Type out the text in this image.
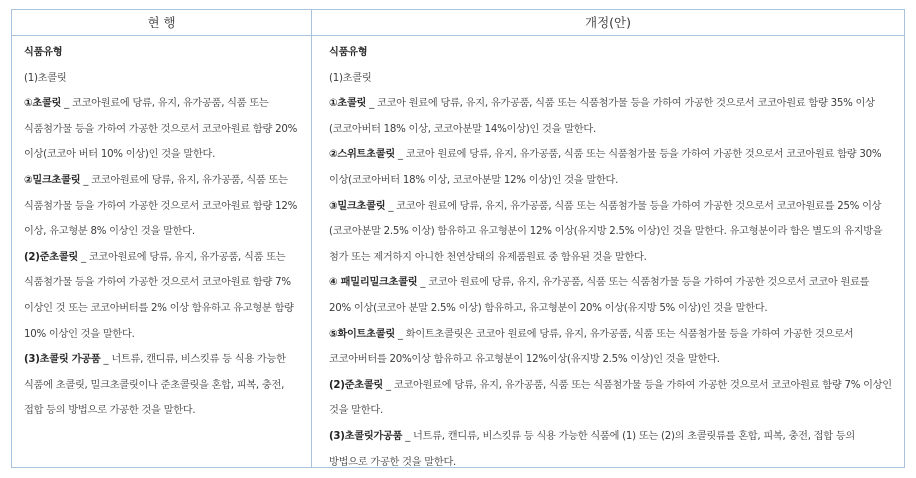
현 행	개정(안)

식품유형

(1)초콜릿

①초콜릿 _ 코코아원료에 당류, 유지, 유가공품, 식품 또는 식품첨가물 등을 가하여 가공한 것으로서 코코아원료 함량 20%이상(코코아 버터 10% 이상)인 것을 말한다.

②밀크초콜릿 _ 코코아원료에 당류, 유지, 유가공품, 식품 또는 식품첨가물 등을 가하여 가공한 것으로서 코코아원료 함량 12% 이상, 유고형분 8% 이상인 것을 말한다.

(2)준초콜릿 _ 코코아원료에 당류, 유지, 유가공품, 식품 또는 식품첨가물 등을 가하여 가공한 것으로서 코코아원료 함량 7% 이상인 것 또는 코코아버터를 2% 이상 함유하고 유고형분 함량 10% 이상인 것을 말한다.

(3)초콜릿 가공품 _ 너트류, 캔디류, 비스킷류 등 식용 가능한 식품에 초콜릿, 밀크초콜릿이나 준초콜릿을 혼합, 피복, 충전, 접합 등의 방법으로 가공한 것을 말한다.

식품유형

(1)초콜릿

①초콜릿 _ 코코아 원료에 당류, 유지, 유가공품, 식품 또는 식품첨가물 등을 가하여 가공한 것으로서 코코아원료 함량 35% 이상(코코아버터 18% 이상, 코코아분말 14%이상)인 것을 말한다.

②스위트초콜릿 _ 코코아 원료에 당류, 유지, 유가공품, 식품 또는 식품첨가물 등을 가하여 가공한 것으로서 코코아원료 함량 30% 이상(코코아버터 18% 이상, 코코아분말 12% 이상)인 것을 말한다.

③밀크초콜릿 _ 코코아 원료에 당류, 유지, 유가공품, 식품 또는 식품첨가물 등을 가하여 가공한 것으로서 코코아원료를 25% 이상(코코아분말 2.5% 이상) 함유하고 유고형분이 12% 이상(유지방 2.5% 이상)인 것을 말한다. 유고형분이라 함은 별도의 유지방을 첨가 또는 제거하지 아니한 천연상태의 유제품원료 중 함유된 것을 말한다.

④ 패밀리밀크초콜릿 _ 코코아 원료에 당류, 유지, 유가공품, 식품 또는 식품첨가물 등을 가하여 가공한 것으로서 코코아 원료를 20% 이상(코코아 분말 2.5% 이상) 함유하고, 유고형분이 20% 이상(유지방 5% 이상)인 것을 말한다.

⑤화이트초콜릿 _ 화이트초콜릿은 코코아 원료에 당류, 유지, 유가공품, 식품 또는 식품첨가물 등을 가하여 가공한 것으로서 코코아버터를 20%이상 함유하고 유고형분이 12%이상(유지방 2.5% 이상)인 것을 말한다.

(2)준초콜릿 _ 코코아원료에 당류, 유지, 유가공품, 식품 또는 식품첨가물 등을 가하여 가공한 것으로서 코코아원료 함량 7% 이상인 것을 말한다.

(3)초콜릿가공품 _ 너트류, 캔디류, 비스킷류 등 식용 가능한 식품에 (1) 또는 (2)의 초콜릿류를 혼합, 피복, 충전, 접합 등의 방법으로 가공한 것을 말한다.
